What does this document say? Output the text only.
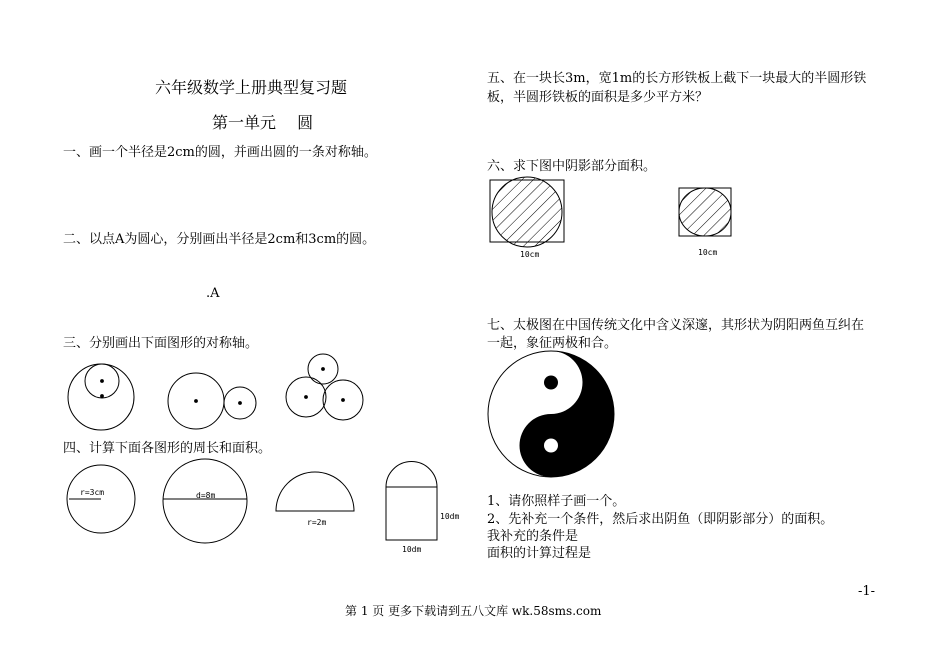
六年级数学上册典型复习题
第一单元　 圆
一、画一个半径是2cm的圆，并画出圆的一条对称轴。
二、以点A为圆心，分别画出半径是2cm和3cm的圆。
.A
三、分别画出下面图形的对称轴。
四、计算下面各图形的周长和面积。
r=3cm	d=8m
r=2m
10dm
10dm
五、在一块长3m，宽1m的长方形铁板上截下一块最大的半圆形铁
板，半圆形铁板的面积是多少平方米？
六、求下图中阴影部分面积。
10cm	10cm
七、太极图在中国传统文化中含义深邃，其形状为阴阳两鱼互纠在
一起，象征两极和合。
1、请你照样子画一个。
2、先补充一个条件，然后求出阴鱼（即阴影部分）的面积。
我补充的条件是
面积的计算过程是
-1-
第 1 页 更多下载请到五八文库 wk.58sms.com
